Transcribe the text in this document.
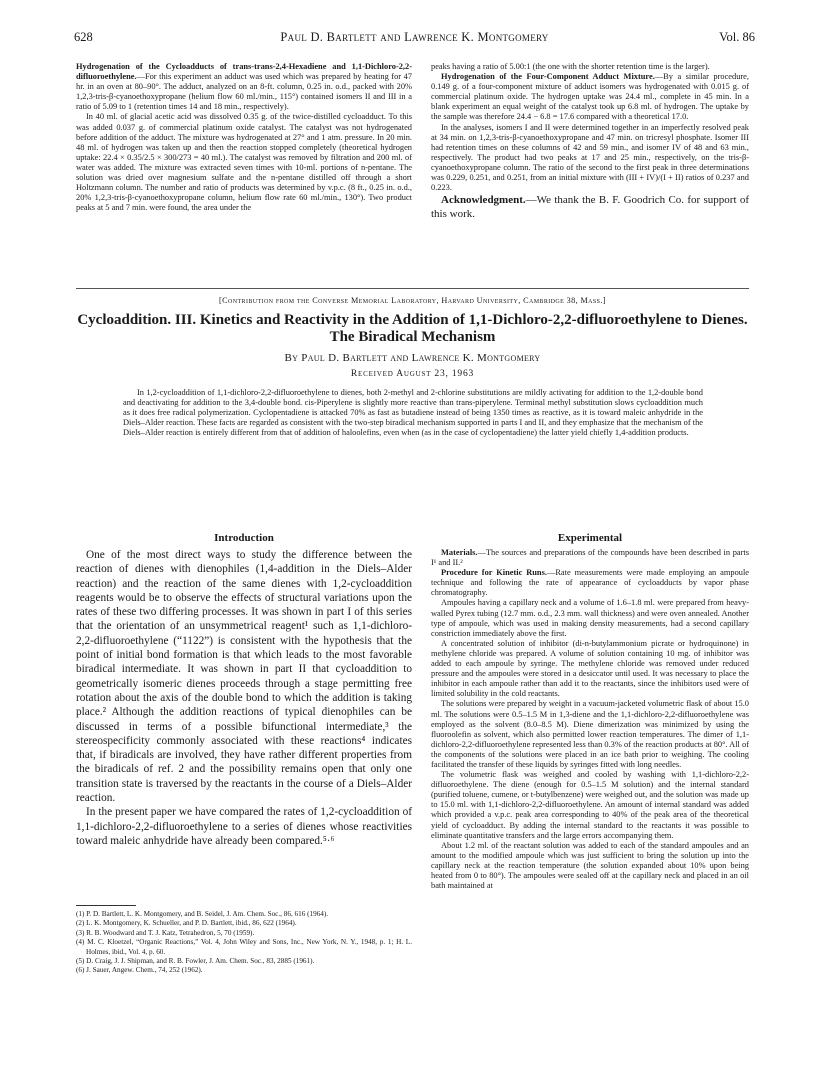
628	Paul D. Bartlett and Lawrence K. Montgomery	Vol. 86

Hydrogenation of the Cycloadducts of trans-trans-2,4-Hexadiene and 1,1-Dichloro-2,2-difluoroethylene.—For this experiment an adduct was used which was prepared by heating for 47 hr. in an oven at 80–90°. The adduct, analyzed on an 8-ft. column, 0.25 in. o.d., packed with 20% 1,2,3-tris-β-cyanoethoxypropane (helium flow 60 ml./min., 115°) contained isomers II and III in a ratio of 5.09 to 1 (retention times 14 and 18 min., respectively).

In 40 ml. of glacial acetic acid was dissolved 0.35 g. of the twice-distilled cycloadduct. To this was added 0.037 g. of commercial platinum oxide catalyst. The catalyst was not hydrogenated before addition of the adduct. The mixture was hydrogenated at 27° and 1 atm. pressure. In 20 min. 48 ml. of hydrogen was taken up and then the reaction stopped completely (theoretical hydrogen uptake: 22.4 × 0.35/2.5 × 300/273 = 40 ml.). The catalyst was removed by filtration and 200 ml. of water was added. The mixture was extracted seven times with 10-ml. portions of n-pentane. The solution was dried over magnesium sulfate and the n-pentane distilled off through a short Holtzmann column. The number and ratio of products was determined by v.p.c. (8 ft., 0.25 in. o.d., 20% 1,2,3-tris-β-cyanoethoxypropane column, helium flow rate 60 ml./min., 130°). Two product peaks at 5 and 7 min. were found, the area under the

peaks having a ratio of 5.00:1 (the one with the shorter retention time is the larger).

Hydrogenation of the Four-Component Adduct Mixture.—By a similar procedure, 0.149 g. of a four-component mixture of adduct isomers was hydrogenated with 0.015 g. of commercial platinum oxide. The hydrogen uptake was 24.4 ml., complete in 45 min. In a blank experiment an equal weight of the catalyst took up 6.8 ml. of hydrogen. The uptake by the sample was therefore 24.4 − 6.8 = 17.6 compared with a theoretical 17.0.

In the analyses, isomers I and II were determined together in an imperfectly resolved peak at 34 min. on 1,2,3-tris-β-cyanoethoxypropane and 47 min. on tricresyl phosphate. Isomer III had retention times on these columns of 42 and 59 min., and isomer IV of 48 and 63 min., respectively. The product had two peaks at 17 and 25 min., respectively, on the tris-β-cyanoethoxypropane column. The ratio of the second to the first peak in three determinations was 0.229, 0.251, and 0.251, from an initial mixture with (III + IV)/(I + II) ratios of 0.237 and 0.223.

Acknowledgment.—We thank the B. F. Goodrich Co. for support of this work.

[Contribution from the Converse Memorial Laboratory, Harvard University, Cambridge 38, Mass.]
Cycloaddition. III. Kinetics and Reactivity in the Addition of 1,1-Dichloro-2,2-difluoroethylene to Dienes. The Biradical Mechanism
By Paul D. Bartlett and Lawrence K. Montgomery
Received August 23, 1963

In 1,2-cycloaddition of 1,1-dichloro-2,2-difluoroethylene to dienes, both 2-methyl and 2-chlorine substitutions are mildly activating for addition to the 1,2-double bond and deactivating for addition to the 3,4-double bond. cis-Piperylene is slightly more reactive than trans-piperylene. Terminal methyl substitution slows cycloaddition much as it does free radical polymerization. Cyclopentadiene is attacked 70% as fast as butadiene instead of being 1350 times as reactive, as it is toward maleic anhydride in the Diels–Alder reaction. These facts are regarded as consistent with the two-step biradical mechanism supported in parts I and II, and they emphasize that the mechanism of the Diels–Alder reaction is entirely different from that of addition of haloolefins, even when (as in the case of cyclopentadiene) the latter yield chiefly 1,4-addition products.

Introduction

One of the most direct ways to study the difference between the reaction of dienes with dienophiles (1,4-addition in the Diels–Alder reaction) and the reaction of the same dienes with 1,2-cycloaddition reagents would be to observe the effects of structural variations upon the rates of these two differing processes. It was shown in part I of this series that the orientation of an unsymmetrical reagent¹ such as 1,1-dichloro-2,2-difluoroethylene (“1122”) is consistent with the hypothesis that the point of initial bond formation is that which leads to the most favorable biradical intermediate. It was shown in part II that cycloaddition to geometrically isomeric dienes proceeds through a stage permitting free rotation about the axis of the double bond to which the addition is taking place.² Although the addition reactions of typical dienophiles can be discussed in terms of a possible bifunctional intermediate,³ the stereospecificity commonly associated with these reactions⁴ indicates that, if biradicals are involved, they have rather different properties from the biradicals of ref. 2 and the possibility remains open that only one transition state is traversed by the reactants in the course of a Diels–Alder reaction.

In the present paper we have compared the rates of 1,2-cycloaddition of 1,1-dichloro-2,2-difluoroethylene to a series of dienes whose reactivities toward maleic anhydride have already been compared.⁵·⁶

(1) P. D. Bartlett, L. K. Montgomery, and B. Seidel, J. Am. Chem. Soc., 86, 616 (1964).
(2) L. K. Montgomery, K. Schueller, and P. D. Bartlett, ibid., 86, 622 (1964).
(3) R. B. Woodward and T. J. Katz, Tetrahedron, 5, 70 (1959).
(4) M. C. Kloetzel, “Organic Reactions,” Vol. 4, John Wiley and Sons, Inc., New York, N. Y., 1948, p. 1; H. L. Holmes, ibid., Vol. 4, p. 60.
(5) D. Craig, J. J. Shipman, and R. B. Fowler, J. Am. Chem. Soc., 83, 2885 (1961).
(6) J. Sauer, Angew. Chem., 74, 252 (1962).
Experimental

Materials.—The sources and preparations of the compounds have been described in parts I¹ and II.²

Procedure for Kinetic Runs.—Rate measurements were made employing an ampoule technique and following the rate of appearance of cycloadducts by vapor phase chromatography.

Ampoules having a capillary neck and a volume of 1.6–1.8 ml. were prepared from heavy-walled Pyrex tubing (12.7 mm. o.d., 2.3 mm. wall thickness) and were oven annealed. Another type of ampoule, which was used in making density measurements, had a second capillary constriction immediately above the first.

A concentrated solution of inhibitor (di-n-butylammonium picrate or hydroquinone) in methylene chloride was prepared. A volume of solution containing 10 mg. of inhibitor was added to each ampoule by syringe. The methylene chloride was removed under reduced pressure and the ampoules were stored in a desiccator until used. It was necessary to place the inhibitor in each ampoule rather than add it to the reactants, since the inhibitors used were of limited solubility in the cold reactants.

The solutions were prepared by weight in a vacuum-jacketed volumetric flask of about 15.0 ml. The solutions were 0.5–1.5 M in 1,3-diene and the 1,1-dichloro-2,2-difluoroethylene was employed as the solvent (8.0–8.5 M). Diene dimerization was minimized by using the fluoroolefin as solvent, which also permitted lower reaction temperatures. The dimer of 1,1-dichloro-2,2-difluoroethylene represented less than 0.3% of the reaction products at 80°. All of the components of the solutions were placed in an ice bath prior to weighing. The cooling facilitated the transfer of these liquids by syringes fitted with long needles.

The volumetric flask was weighed and cooled by washing with 1,1-dichloro-2,2-difluoroethylene. The diene (enough for 0.5–1.5 M solution) and the internal standard (purified toluene, cumene, or t-butylbenzene) were weighed out, and the solution was made up to 15.0 ml. with 1,1-dichloro-2,2-difluoroethylene. An amount of internal standard was added which provided a v.p.c. peak area corresponding to 40% of the peak area of the theoretical yield of cycloadduct. By adding the internal standard to the reactants it was possible to eliminate quantitative transfers and the large errors accompanying them.

About 1.2 ml. of the reactant solution was added to each of the standard ampoules and an amount to the modified ampoule which was just sufficient to bring the solution up into the capillary neck at the reaction temperature (the solution expanded about 10% upon being heated from 0 to 80°). The ampoules were sealed off at the capillary neck and placed in an oil bath maintained at
